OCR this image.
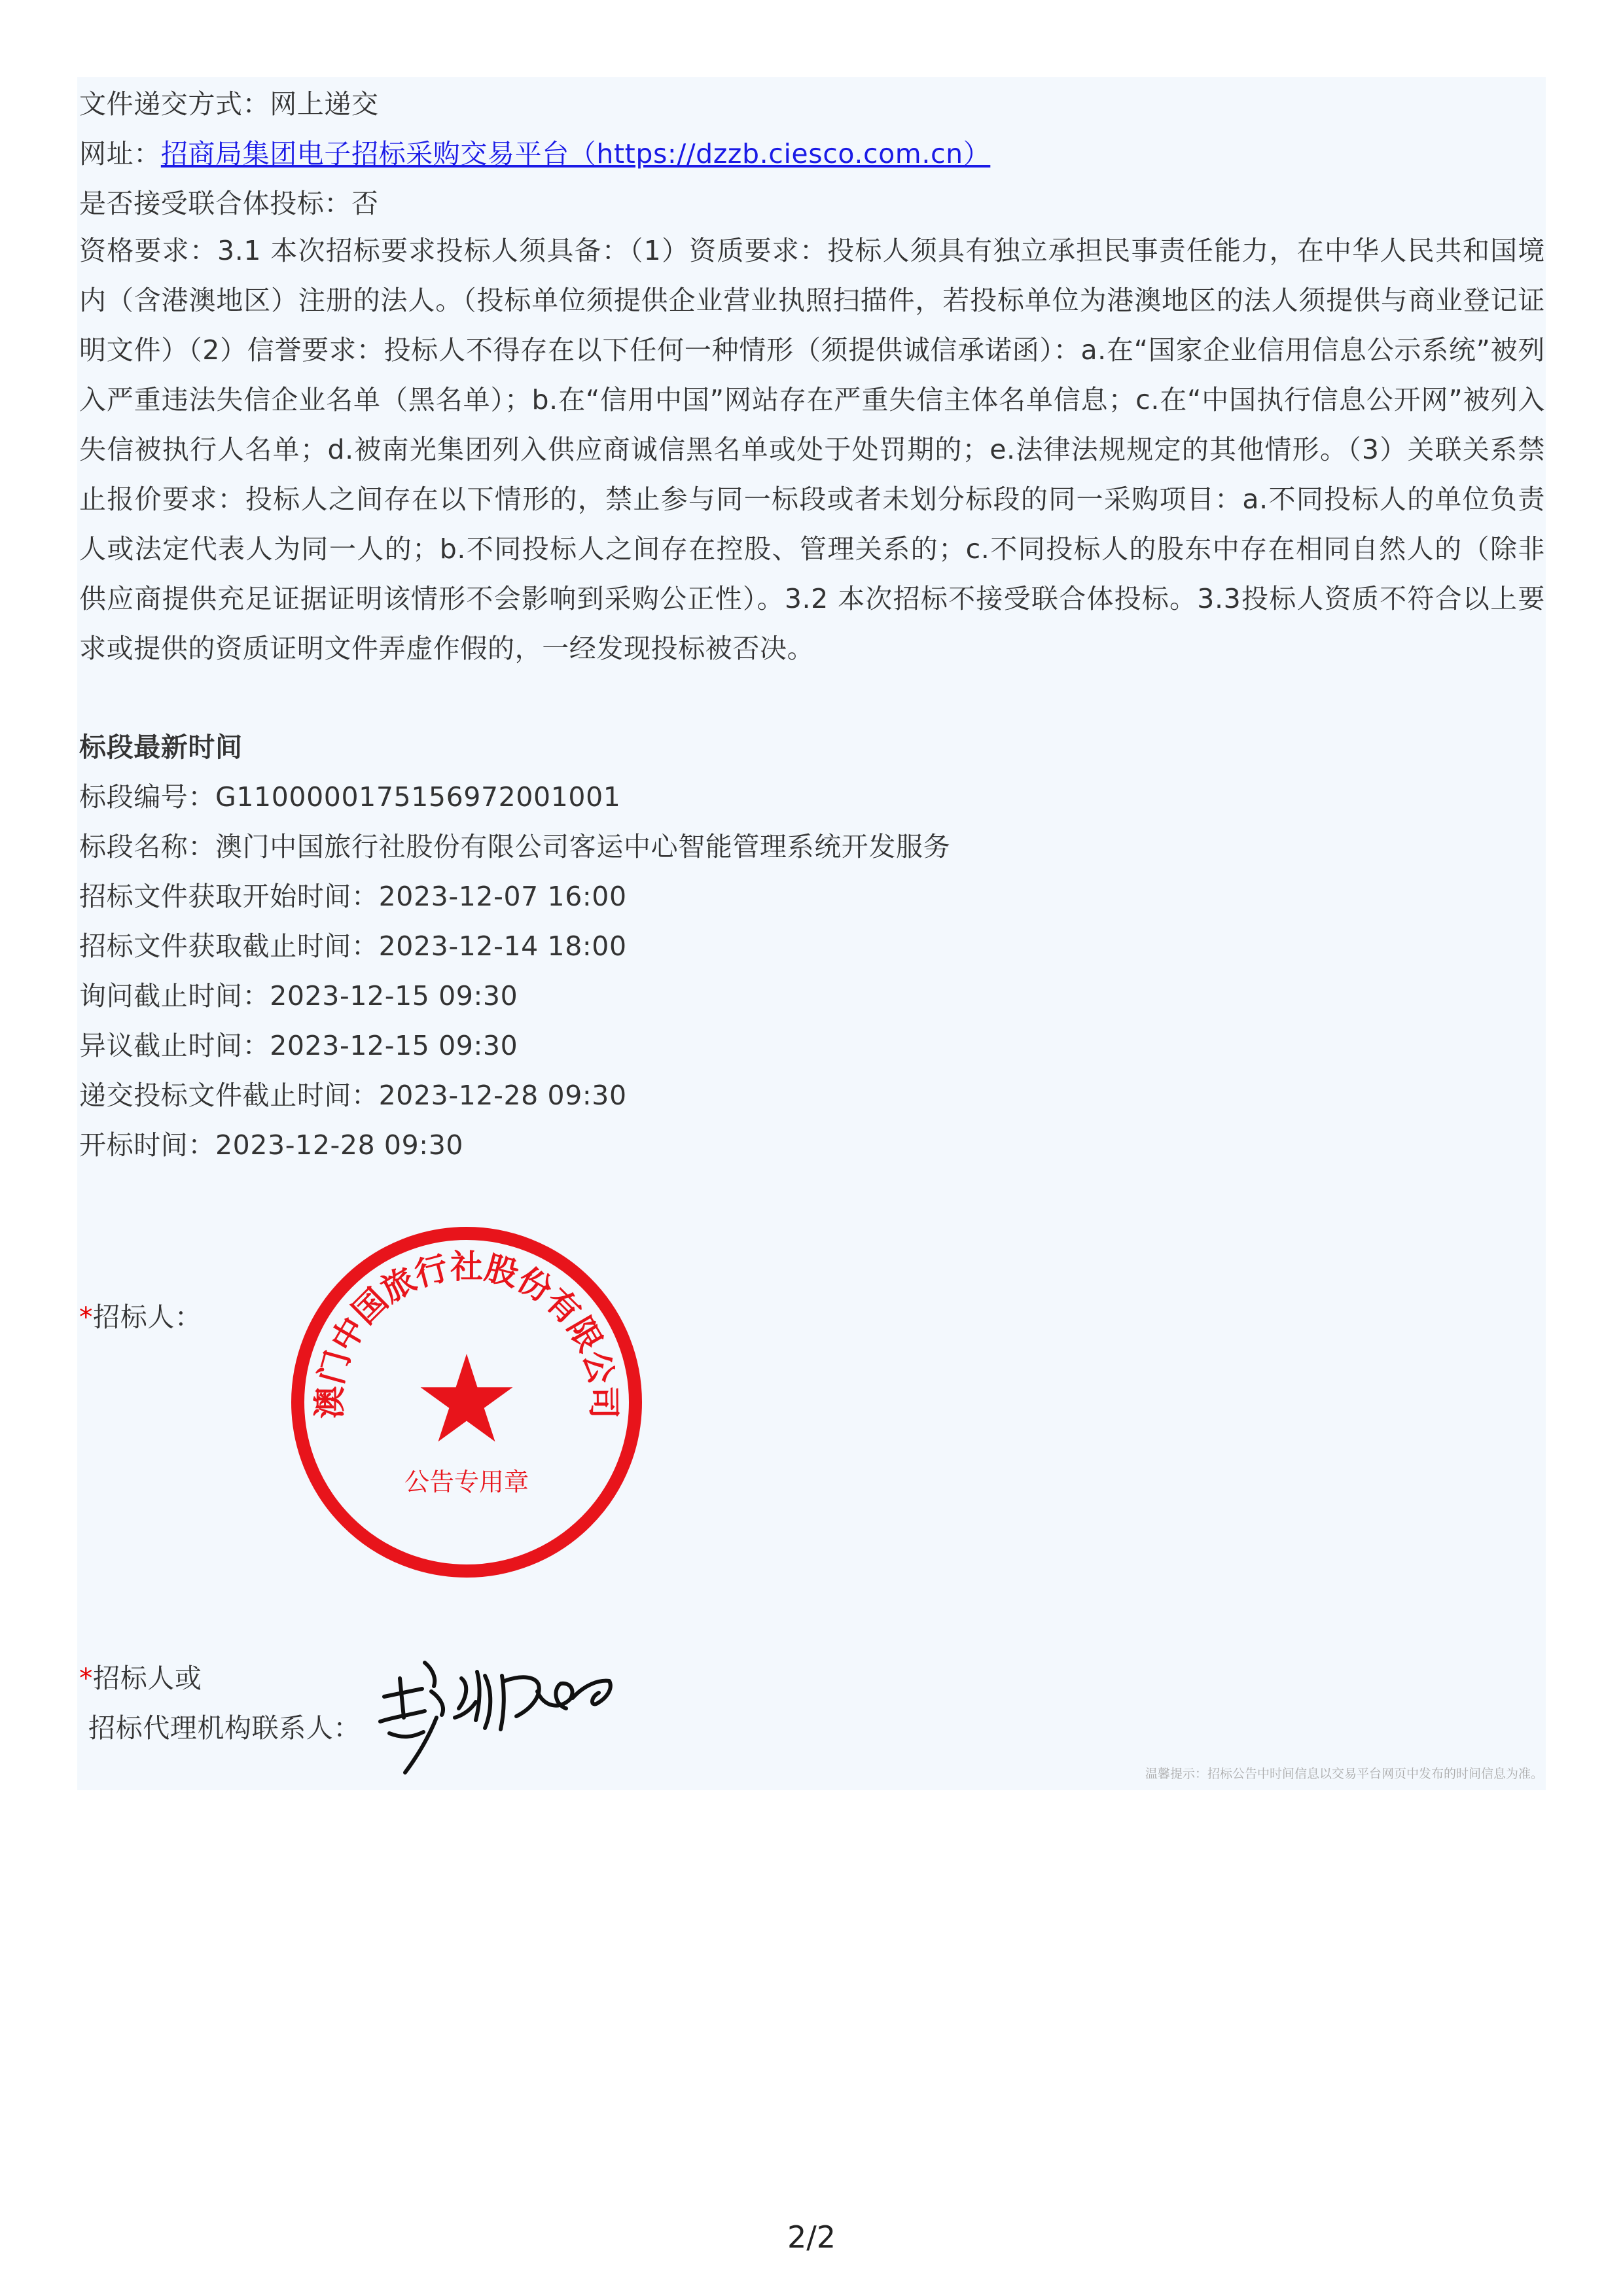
文件递交方式：网上递交
网址：招商局集团电子招标采购交易平台（https://dzzb.ciesco.com.cn）
是否接受联合体投标：否
资格要求：3.1 本次招标要求投标人须具备：（1）资质要求：投标人须具有独立承担民事责任能力，在中华人民共和国境内（含港澳地区）注册的法人。（投标单位须提供企业营业执照扫描件，若投标单位为港澳地区的法人须提供与商业登记证明文件）（2）信誉要求：投标人不得存在以下任何一种情形（须提供诚信承诺函）：a.在“国家企业信用信息公示系统”被列入严重违法失信企业名单（黑名单）；b.在“信用中国”网站存在严重失信主体名单信息；c.在“中国执行信息公开网”被列入失信被执行人名单；d.被南光集团列入供应商诚信黑名单或处于处罚期的；e.法律法规规定的其他情形。（3）关联关系禁止报价要求：投标人之间存在以下情形的，禁止参与同一标段或者未划分标段的同一采购项目：a.不同投标人的单位负责人或法定代表人为同一人的；b.不同投标人之间存在控股、管理关系的；c.不同投标人的股东中存在相同自然人的（除非供应商提供充足证据证明该情形不会影响到采购公正性）。3.2 本次招标不接受联合体投标。3.3投标人资质不符合以上要求或提供的资质证明文件弄虚作假的，一经发现投标被否决。
标段最新时间
标段编号：G1100000175156972001001
标段名称：澳门中国旅行社股份有限公司客运中心智能管理系统开发服务
招标文件获取开始时间：2023-12-07 16:00
招标文件获取截止时间：2023-12-14 18:00
询问截止时间：2023-12-15 09:30
异议截止时间：2023-12-15 09:30
递交投标文件截止时间：2023-12-28 09:30
开标时间：2023-12-28 09:30
*招标人：
澳门中国旅行社股份有限公司
公告专用章
*招标人或
招标代理机构联系人：
温馨提示：招标公告中时间信息以交易平台网页中发布的时间信息为准。
2/2
